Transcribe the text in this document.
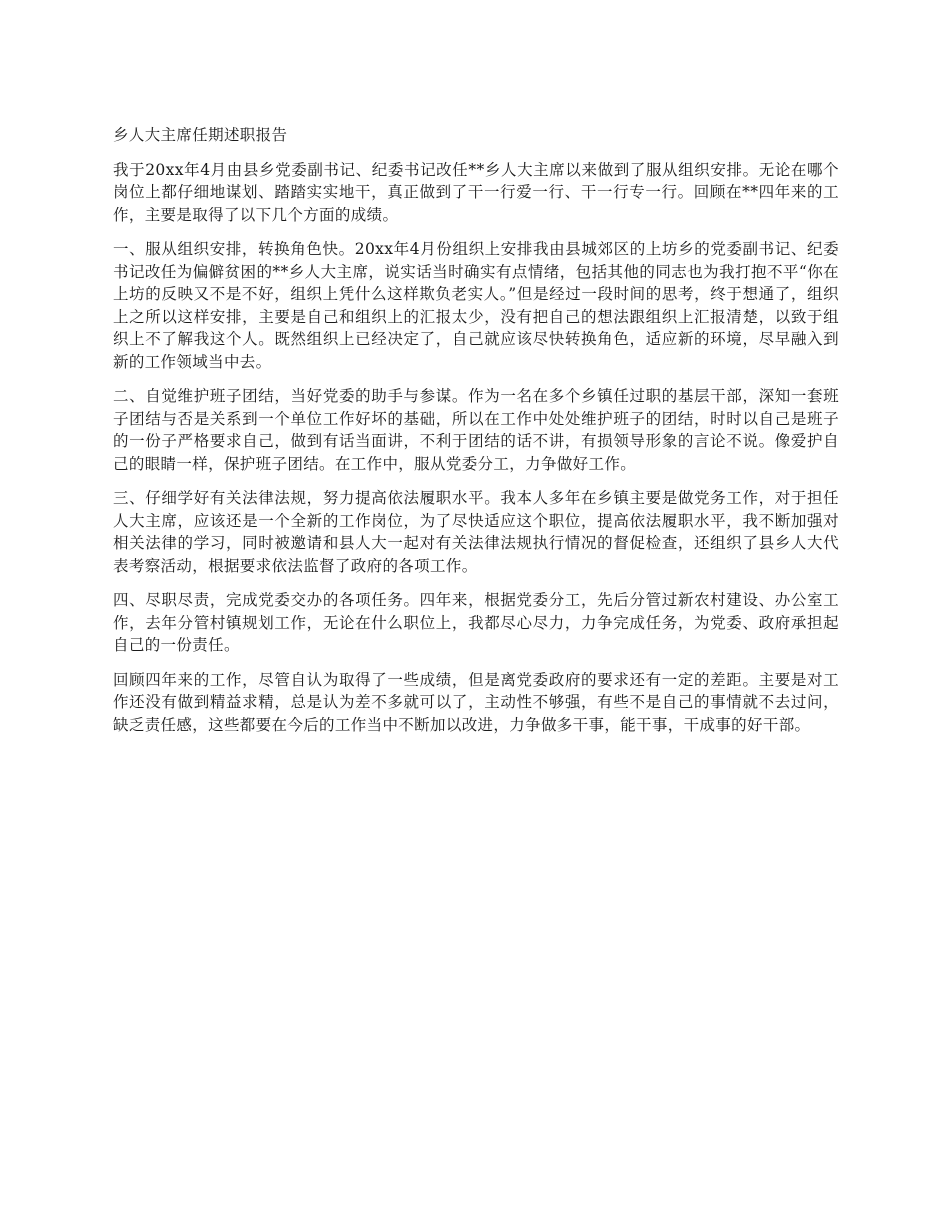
乡人大主席任期述职报告

我于20xx年4月由县乡党委副书记、纪委书记改任**乡人大主席以来做到了服从组织安排。无论在哪个岗位上都仔细地谋划、踏踏实实地干，真正做到了干一行爱一行、干一行专一行。回顾在**四年来的工作，主要是取得了以下几个方面的成绩。

一、服从组织安排，转换角色快。20xx年4月份组织上安排我由县城郊区的上坊乡的党委副书记、纪委书记改任为偏僻贫困的**乡人大主席，说实话当时确实有点情绪，包括其他的同志也为我打抱不平“你在上坊的反映又不是不好，组织上凭什么这样欺负老实人。”但是经过一段时间的思考，终于想通了，组织上之所以这样安排，主要是自己和组织上的汇报太少，没有把自己的想法跟组织上汇报清楚，以致于组织上不了解我这个人。既然组织上已经决定了，自己就应该尽快转换角色，适应新的环境，尽早融入到新的工作领域当中去。

二、自觉维护班子团结，当好党委的助手与参谋。作为一名在多个乡镇任过职的基层干部，深知一套班子团结与否是关系到一个单位工作好坏的基础，所以在工作中处处维护班子的团结，时时以自己是班子的一份子严格要求自己，做到有话当面讲，不利于团结的话不讲，有损领导形象的言论不说。像爱护自己的眼睛一样，保护班子团结。在工作中，服从党委分工，力争做好工作。

三、仔细学好有关法律法规，努力提高依法履职水平。我本人多年在乡镇主要是做党务工作，对于担任人大主席，应该还是一个全新的工作岗位，为了尽快适应这个职位，提高依法履职水平，我不断加强对相关法律的学习，同时被邀请和县人大一起对有关法律法规执行情况的督促检查，还组织了县乡人大代表考察活动，根据要求依法监督了政府的各项工作。

四、尽职尽责，完成党委交办的各项任务。四年来，根据党委分工，先后分管过新农村建设、办公室工作，去年分管村镇规划工作，无论在什么职位上，我都尽心尽力，力争完成任务，为党委、政府承担起自己的一份责任。

回顾四年来的工作，尽管自认为取得了一些成绩，但是离党委政府的要求还有一定的差距。主要是对工作还没有做到精益求精，总是认为差不多就可以了，主动性不够强，有些不是自己的事情就不去过问，缺乏责任感，这些都要在今后的工作当中不断加以改进，力争做多干事，能干事，干成事的好干部。
